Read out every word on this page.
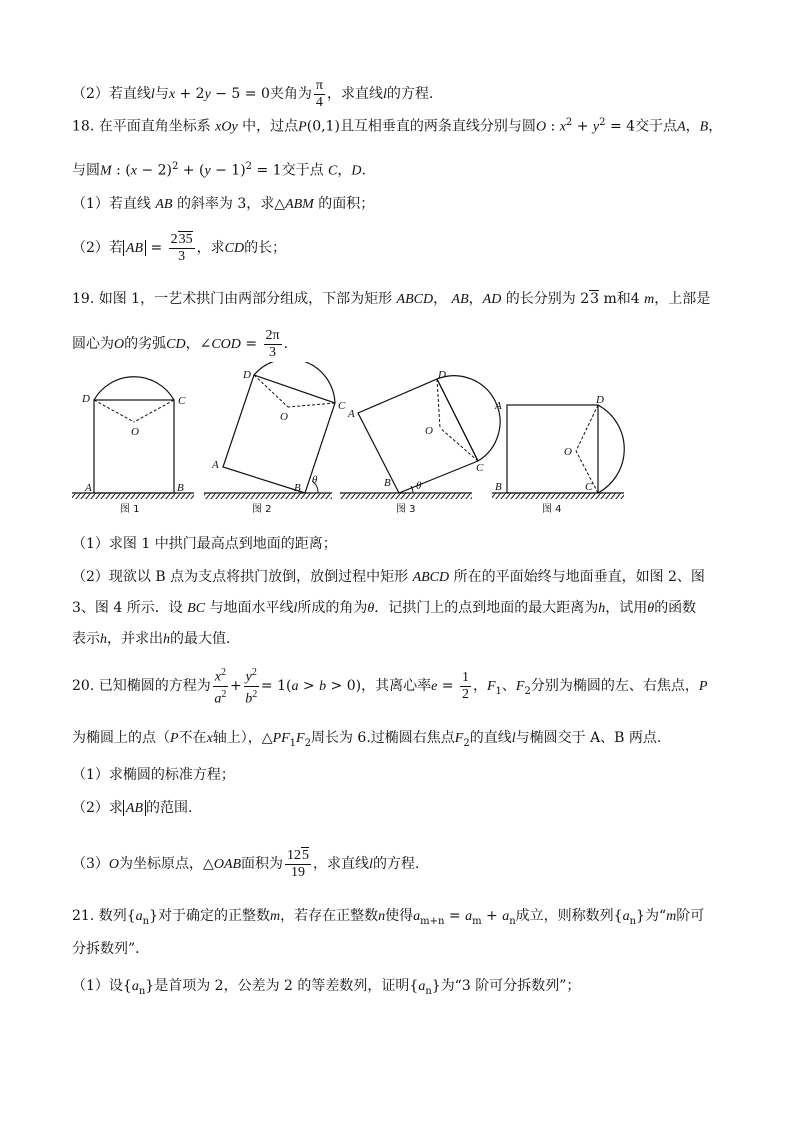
（2）若直线l与x + 2y − 5 = 0夹角为 $\frac{\pi}{4}$ ，求直线l的方程.
18. 在平面直角坐标系 xOy 中，过点P(0,1)且互相垂直的两条直线分别与圆O : $x^2 + y^2 = 4$交于点A，B，
与圆M : $(x - 2)^2 + (y - 1)^2 = 1$交于点 C，D.
（1）若直线 AB 的斜率为 3，求△ABM 的面积；
（2）若 AB = $\frac{235}{3}$ ，求CD的长；
19. 如图 1，一艺术拱门由两部分组成，下部为矩形 ABCD， AB，AD 的长分别为 23 m和4 m，上部是
圆心为O的劣弧CD，∠COD = $\frac{2\pi}{3}$ .
D	C
O
A	B
D
C
O
A
B
θ
A
D
O
C
B θ
A	D
O
B	C
图 1	图 2	图 3	图 4
（1）求图 1 中拱门最高点到地面的距离；
（2）现欲以 B 点为支点将拱门放倒，放倒过程中矩形 ABCD 所在的平面始终与地面垂直，如图 2、图
3、图 4 所示．设 BC 与地面水平线l所成的角为θ．记拱门上的点到地面的最大距离为h，试用θ的函数
表示h，并求出h的最大值．
20. 已知椭圆的方程为 $\frac{x^2}{a^2} + \frac{y^2}{b^2} = 1(a > b > 0)$，其离心率$e = \frac{1}{2}$ ，$F_1$、$F_2$分别为椭圆的左、右焦点，P
为椭圆上的点（P不在x轴上），$\triangle PF_1F_2$周长为 6.过椭圆右焦点$F_2$的直线l与椭圆交于 A、B 两点.
（1）求椭圆的标准方程；
（2）求 AB 的范围.
（3）O为坐标原点，△OAB面积为 $\frac{125}{19}$ ，求直线l的方程.
21. 数列$\{a_n\}$对于确定的正整数m，若存在正整数n使得$a_{m+n} = a_m + a_n$成立，则称数列$\{a_n\}$为“m阶可
分拆数列”．
（1）设$\{a_n\}$是首项为 2，公差为 2 的等差数列，证明$\{a_n\}$为“3 阶可分拆数列”；
